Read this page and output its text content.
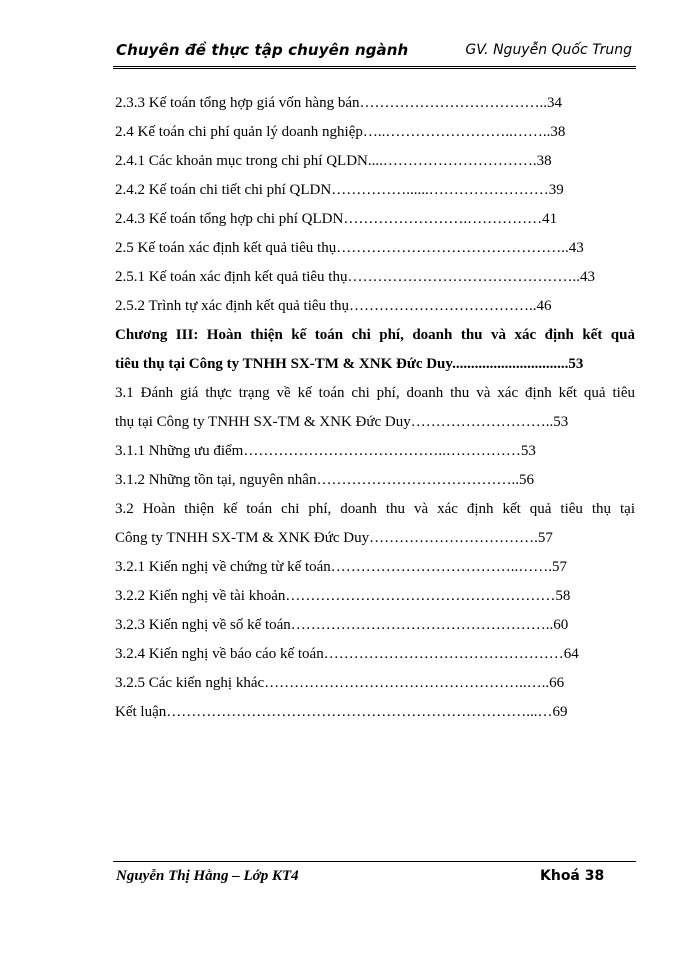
Chuyên đề thực tập chuyên ngành	GV. Nguyễn Quốc Trung
2.3.3 Kế toán tổng hợp giá vốn hàng bán………………………………..34
2.4 Kế toán chi phí quản lý doanh nghiệp…..……………………..……..38
2.4.1 Các khoản mục trong chi phí QLDN....………………………….38
2.4.2 Kế toán chi tiết chi phí QLDN……………......……………………39
2.4.3 Kế toán tổng hợp chi phí QLDN…………………….……………41
2.5 Kế toán xác định kết quả tiêu thụ………………………………………..43
2.5.1 Kế toán xác định kết quả tiêu thụ………………………………………..43
2.5.2 Trình tự xác định kết quả tiêu thụ………………………………..46
Chương III: Hoàn thiện kế toán chi phí, doanh thu và xác định kết quả
tiêu thụ tại Công ty TNHH SX-TM & XNK Đức Duy...............................53
3.1 Đánh giá thực trạng về kế toán chi phí, doanh thu và xác định kết quả tiêu
thụ tại Công ty TNHH SX-TM & XNK Đức Duy………………………..53
3.1.1 Những ưu điểm…………………………………..……………53
3.1.2 Những tồn tại, nguyên nhân…………………………………..56
3.2 Hoàn thiện kế toán chi phí, doanh thu và xác định kết quả tiêu thụ tại
Công ty TNHH SX-TM & XNK Đức Duy…………………………….57
3.2.1 Kiến nghị về chứng từ kế toán………………………………..…….57
3.2.2 Kiến nghị về tài khoản………………………………………………58
3.2.3 Kiến nghị về sổ kế toán……………………………………………..60
3.2.4 Kiến nghị về báo cáo kế toán…………………………………………64
3.2.5 Các kiến nghị khác……………………………………………..…..66
Kết luận………………………………………………………………...…69
Nguyễn Thị Hằng – Lớp KT4	Khoá 38
